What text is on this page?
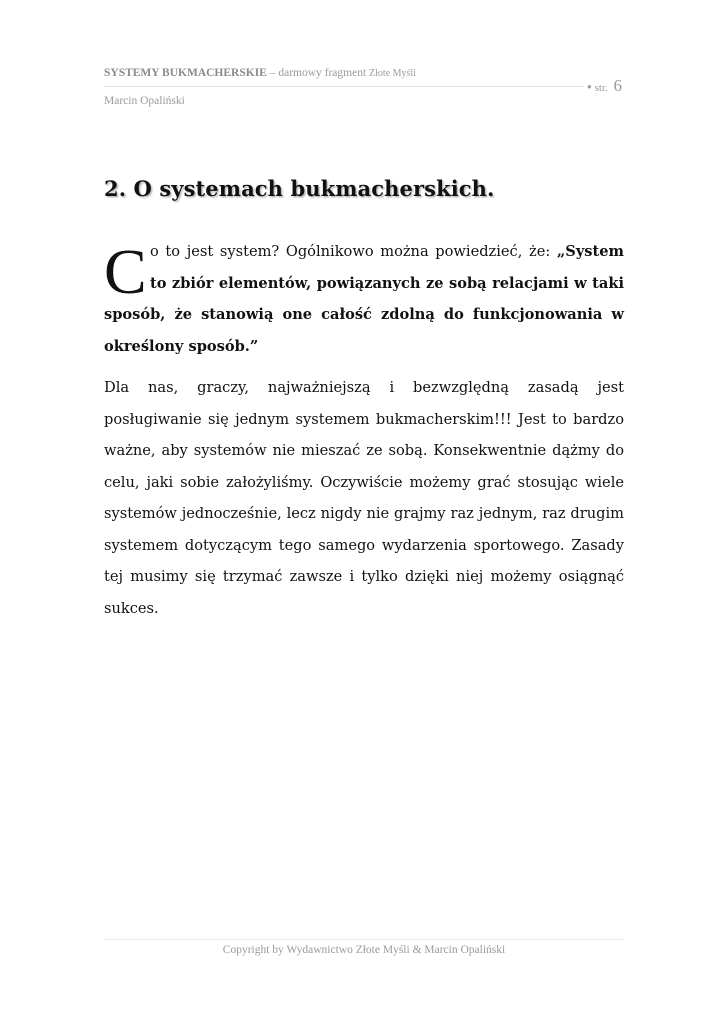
SYSTEMY BUKMACHERSKIE – darmowy fragment Złote Myśli
Marcin Opaliński
● str. 6
2. O systemach bukmacherskich.

Co to jest system? Ogólnikowo można powiedzieć, że: „System to zbiór elementów, powiązanych ze sobą relacjami w taki sposób, że stanowią one całość zdolną do funkcjonowania w określony sposób.”

Dla nas, graczy, najważniejszą i bezwzględną zasadą jest posługiwanie się jednym systemem bukmacherskim!!! Jest to bardzo ważne, aby systemów nie mieszać ze sobą. Konsekwentnie dążmy do celu, jaki sobie założyliśmy. Oczywiście możemy grać stosując wiele systemów jednocześnie, lecz nigdy nie grajmy raz jednym, raz drugim systemem dotyczącym tego samego wydarzenia sportowego. Zasady tej musimy się trzymać zawsze i tylko dzięki niej możemy osiągnąć sukces.

Copyright by Wydawnictwo Złote Myśli & Marcin Opaliński
